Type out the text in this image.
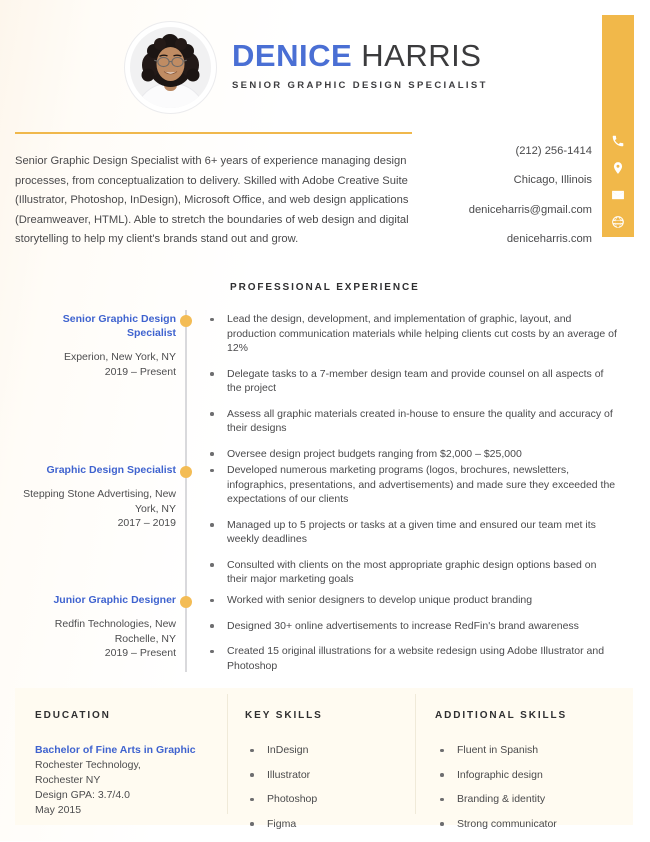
DENICE HARRIS
SENIOR GRAPHIC DESIGN SPECIALIST

Senior Graphic Design Specialist with 6+ years of experience managing design processes, from conceptualization to delivery. Skilled with Adobe Creative Suite (Illustrator, Photoshop, InDesign), Microsoft Office, and web design applications (Dreamweaver, HTML). Able to stretch the boundaries of web design and digital storytelling to help my client's brands stand out and grow.

(212) 256-1414
Chicago, Illinois
deniceharris@gmail.com
deniceharris.com
PROFESSIONAL EXPERIENCE
Senior Graphic Design Specialist
Experion, New York, NY
2019 – Present
Lead the design, development, and implementation of graphic, layout, and production communication materials while helping clients cut costs by an average of 12%
Delegate tasks to a 7-member design team and provide counsel on all aspects of the project
Assess all graphic materials created in-house to ensure the quality and accuracy of their designs
Oversee design project budgets ranging from $2,000 – $25,000
Graphic Design Specialist
Stepping Stone Advertising, New York, NY
2017 – 2019
Developed numerous marketing programs (logos, brochures, newsletters, infographics, presentations, and advertisements) and made sure they exceeded the expectations of our clients
Managed up to 5 projects or tasks at a given time and ensured our team met its weekly deadlines
Consulted with clients on the most appropriate graphic design options based on their major marketing goals
Junior Graphic Designer
Redfin Technologies, New Rochelle, NY
2019 – Present
Worked with senior designers to develop unique product branding
Designed 30+ online advertisements to increase RedFin's brand awareness
Created 15 original illustrations for a website redesign using Adobe Illustrator and Photoshop
EDUCATION
Bachelor of Fine Arts in Graphic
Rochester Technology,
Rochester NY
Design GPA: 3.7/4.0
May 2015
KEY SKILLS
InDesign
Illustrator
Photoshop
Figma
ADDITIONAL SKILLS
Fluent in Spanish
Infographic design
Branding & identity
Strong communicator
